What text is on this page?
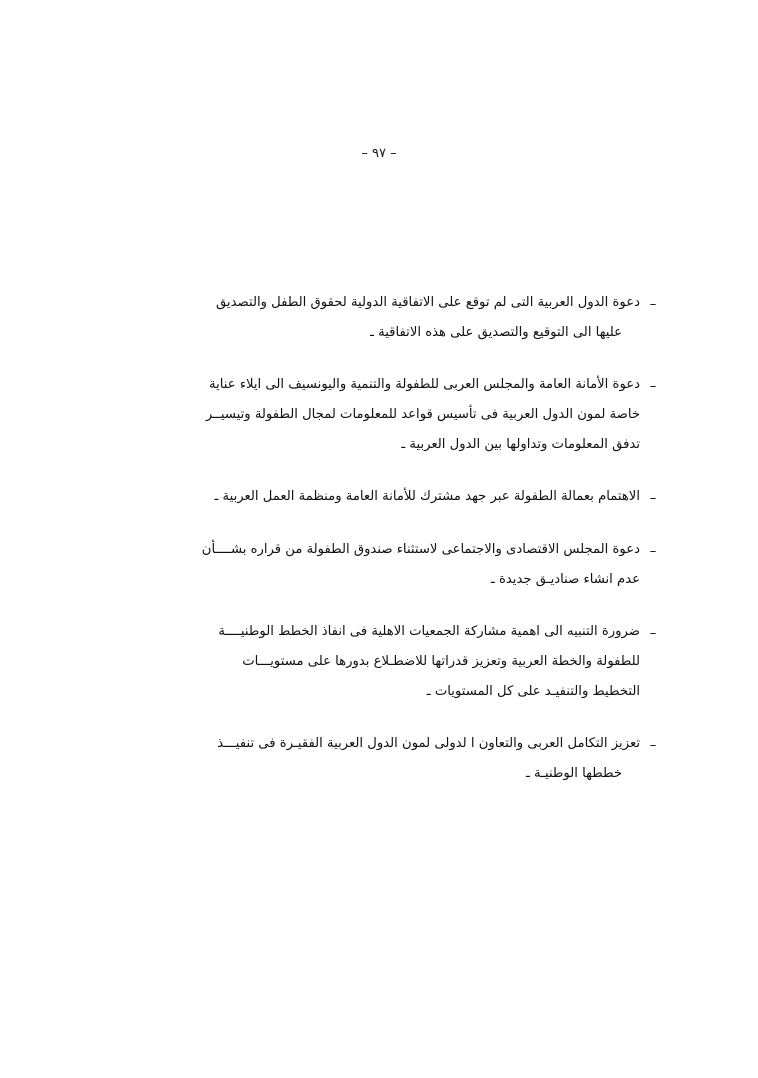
– ٩٧ –
–
دعوة الدول العربية التى لم توقع على الاتفاقية الدولية لحقوق الطفل والتصديق
عليها الى التوقيع والتصديق على هذه الاتفاقية ـ
–
دعوة الأمانة العامة والمجلس العربى للطفولة والتنمية واليونسيف الى ايلاء عناية
خاصة لمون الدول العربية فى تأسيس قواعد للمعلومات لمجال الطفولة وتيسيــر
تدفق المعلومات وتداولها بين الدول العربية ـ
–
الاهتمام بعمالة الطفولة عبر جهد مشترك للأمانة العامة ومنظمة العمل العربية ـ
–
دعوة المجلس الاقتصادى والاجتماعى لاستثناء صندوق الطفولة من قراره بشــــأن
عدم انشاء صناديـق جديدة ـ
–
ضرورة التنبيه الى اهمية مشاركة الجمعيات الاهلية فى انفاذ الخطط الوطنيــــة
للطفولة والخطة العربية وتعزيز قدراتها للاضطـلاع بدورها على مستويـــات
التخطيط والتنفيـد على كل المستويات ـ
–
تعزيز التكامل العربى والتعاون ا لدولى لمون الدول العربية الفقيـرة فى تنفيـــذ
خططها الوطنيـة ـ
